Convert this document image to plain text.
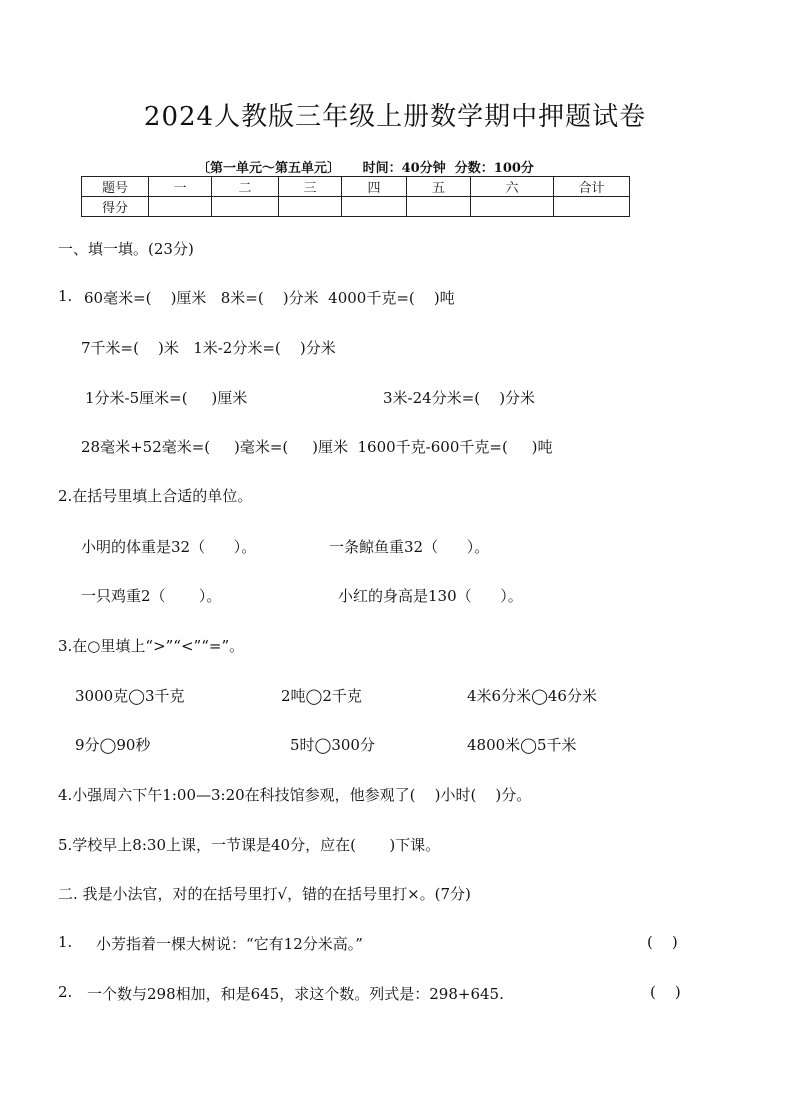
2024人教版三年级上册数学期中押题试卷
〔第一单元～第五单元〕     时间：40分钟  分数：100分
题号	一	二	三	四	五	六	合计
得分							
一、填一填。(23分)
1. 60毫米=(    )厘米   8米=(    )分米  4000千克=(    )吨
7千米=(    )米   1米-2分米=(    )分米
1分米-5厘米=(     )厘米	3米-24分米=(    )分米
28毫米+52毫米=(     )毫米=(     )厘米  1600千克-600千克=(     )吨
2.在括号里填上合适的单位。
小明的体重是32（      ）。	一条鲸鱼重32（      ）。
一只鸡重2（       ）。	小红的身高是130（      ）。
3.在○里填上“>”“<”“=”。
3000克◯3千克	2吨◯2千克	4米6分米◯46分米
9分◯90秒	5时◯300分	4800米◯5千米
4.小强周六下午1:00—3:20在科技馆参观，他参观了(    )小时(    )分。
5.学校早上8:30上课，一节课是40分，应在(       )下课。
二. 我是小法官，对的在括号里打√，错的在括号里打×。(7分)
1. 小芳指着一棵大树说：“它有12分米高。”	(    )
2. 一个数与298相加，和是645，求这个数。列式是：298+645.	(    )
